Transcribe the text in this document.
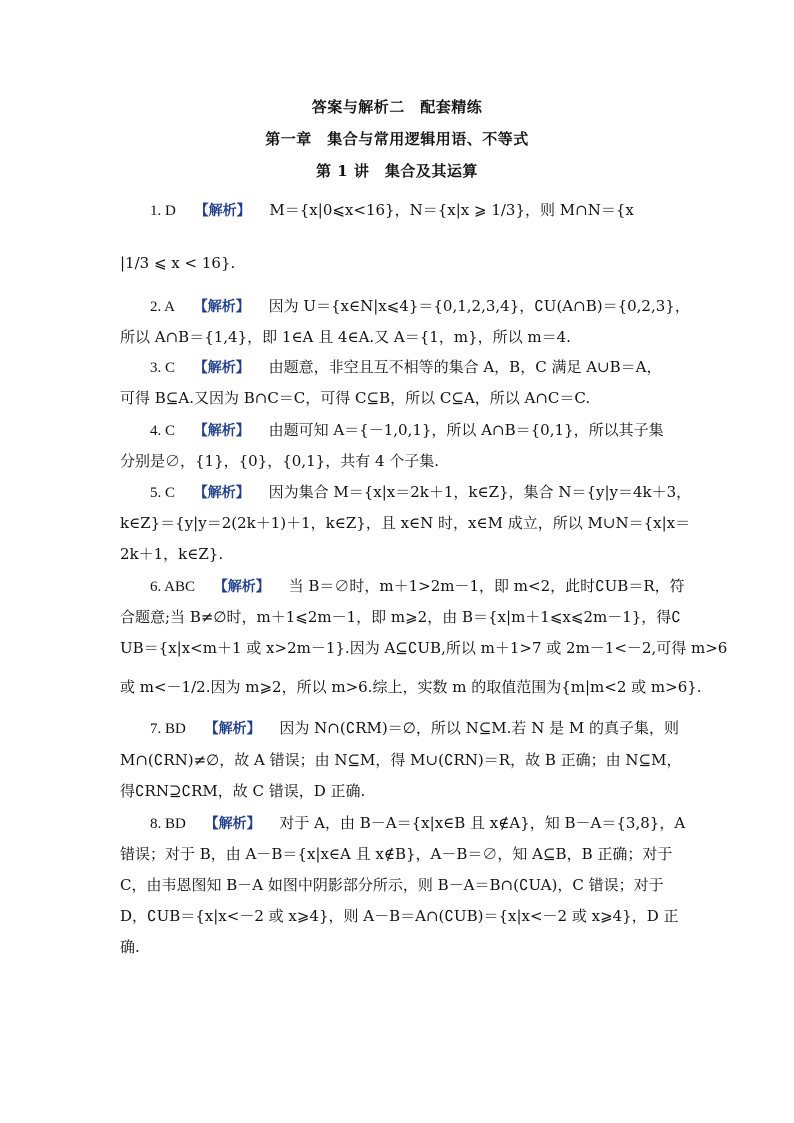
答案与解析二　配套精练
第一章　集合与常用逻辑用语、不等式
第 1 讲　集合及其运算
1. D 【解析】 M＝{x|0⩽x<16}，N＝{x|x ⩾ 1/3}，则 M∩N＝{x
|1/3 ⩽ x < 16}.
2. A 【解析】 因为 U＝{x∈N|x⩽4}＝{0,1,2,3,4}，∁U(A∩B)＝{0,2,3}，
所以 A∩B＝{1,4}，即 1∈A 且 4∈A.又 A＝{1，m}，所以 m＝4.
3. C 【解析】 由题意，非空且互不相等的集合 A，B，C 满足 A∪B＝A，
可得 B⊆A.又因为 B∩C＝C，可得 C⊆B，所以 C⊆A，所以 A∩C＝C.
4. C 【解析】 由题可知 A＝{－1,0,1}，所以 A∩B＝{0,1}，所以其子集
分别是∅，{1}，{0}，{0,1}，共有 4 个子集.
5. C 【解析】 因为集合 M＝{x|x＝2k＋1，k∈Z}，集合 N＝{y|y＝4k＋3，
k∈Z}＝{y|y＝2(2k＋1)＋1，k∈Z}，且 x∈N 时，x∈M 成立，所以 M∪N＝{x|x＝
2k＋1，k∈Z}.
6. ABC 【解析】 当 B＝∅时，m＋1>2m－1，即 m<2，此时∁UB＝R，符
合题意;当 B≠∅时，m＋1⩽2m－1，即 m⩾2，由 B＝{x|m＋1⩽x⩽2m－1}，得∁
UB＝{x|x<m＋1 或 x>2m－1}.因为 A⊆∁UB,所以 m＋1>7 或 2m－1<－2,可得 m>6
或 m<－1/2.因为 m⩾2，所以 m>6.综上，实数 m 的取值范围为{m|m<2 或 m>6}.
7. BD 【解析】 因为 N∩(∁RM)＝∅，所以 N⊆M.若 N 是 M 的真子集，则
M∩(∁RN)≠∅，故 A 错误；由 N⊆M，得 M∪(∁RN)＝R，故 B 正确；由 N⊆M，
得∁RN⊇∁RM，故 C 错误，D 正确.
8. BD 【解析】 对于 A，由 B－A＝{x|x∈B 且 x∉A}，知 B－A＝{3,8}，A
错误；对于 B，由 A－B＝{x|x∈A 且 x∉B}，A－B＝∅，知 A⊆B，B 正确；对于
C，由韦恩图知 B－A 如图中阴影部分所示，则 B－A＝B∩(∁UA)，C 错误；对于
D，∁UB＝{x|x<－2 或 x⩾4}，则 A－B＝A∩(∁UB)＝{x|x<－2 或 x⩾4}，D 正
确.
